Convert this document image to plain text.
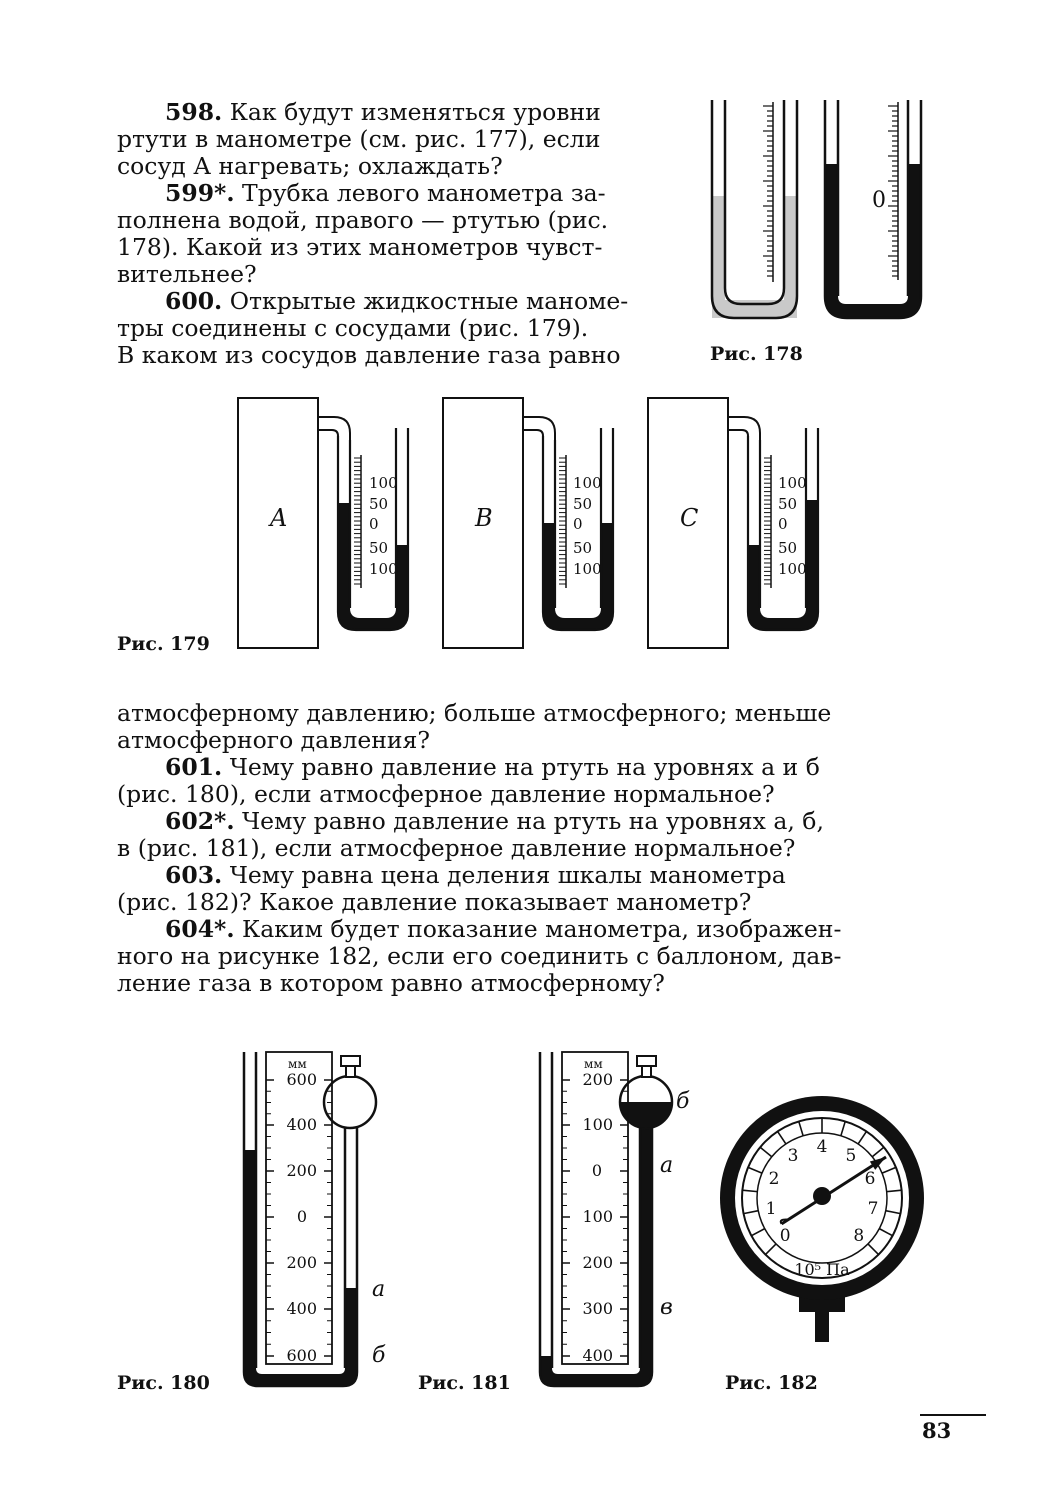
598. Как будут изменяться уровни
ртути в манометре (см. рис. 177), если
сосуд А нагревать; охлаждать?
599*. Трубка левого манометра за-
полнена водой, правого — ртутью (рис.
178). Какой из этих манометров чувст-
вительнее?
600. Открытые жидкостные маноме-
тры соединены с сосудами (рис. 179).
В каком из сосудов давление газа равно
атмосферному давлению; больше атмосферного; меньше
атмосферного давления?
601. Чему равно давление на ртуть на уровнях а и б
(рис. 180), если атмосферное давление нормальное?
602*. Чему равно давление на ртуть на уровнях а, б,
в (рис. 181), если атмосферное давление нормальное?
603. Чему равна цена деления шкалы манометра
(рис. 182)? Какое давление показывает манометр?
604*. Каким будет показание манометра, изображен-
ного на рисунке 182, если его соединить с баллоном, дав-
ление газа в котором равно атмосферному?
Рис. 178
Рис. 179
Рис. 180	Рис. 181	Рис. 182
0
A	B	C
100
50
0
50
100
100
50
0
50
100
100
50
0
50
100
мм
600
400
200
0
200
400
600
а
б
мм
200
100
0
100
200
300
400
б
а
в
0
1
2
3 4 5
6
7
8
10⁵ Па
83
